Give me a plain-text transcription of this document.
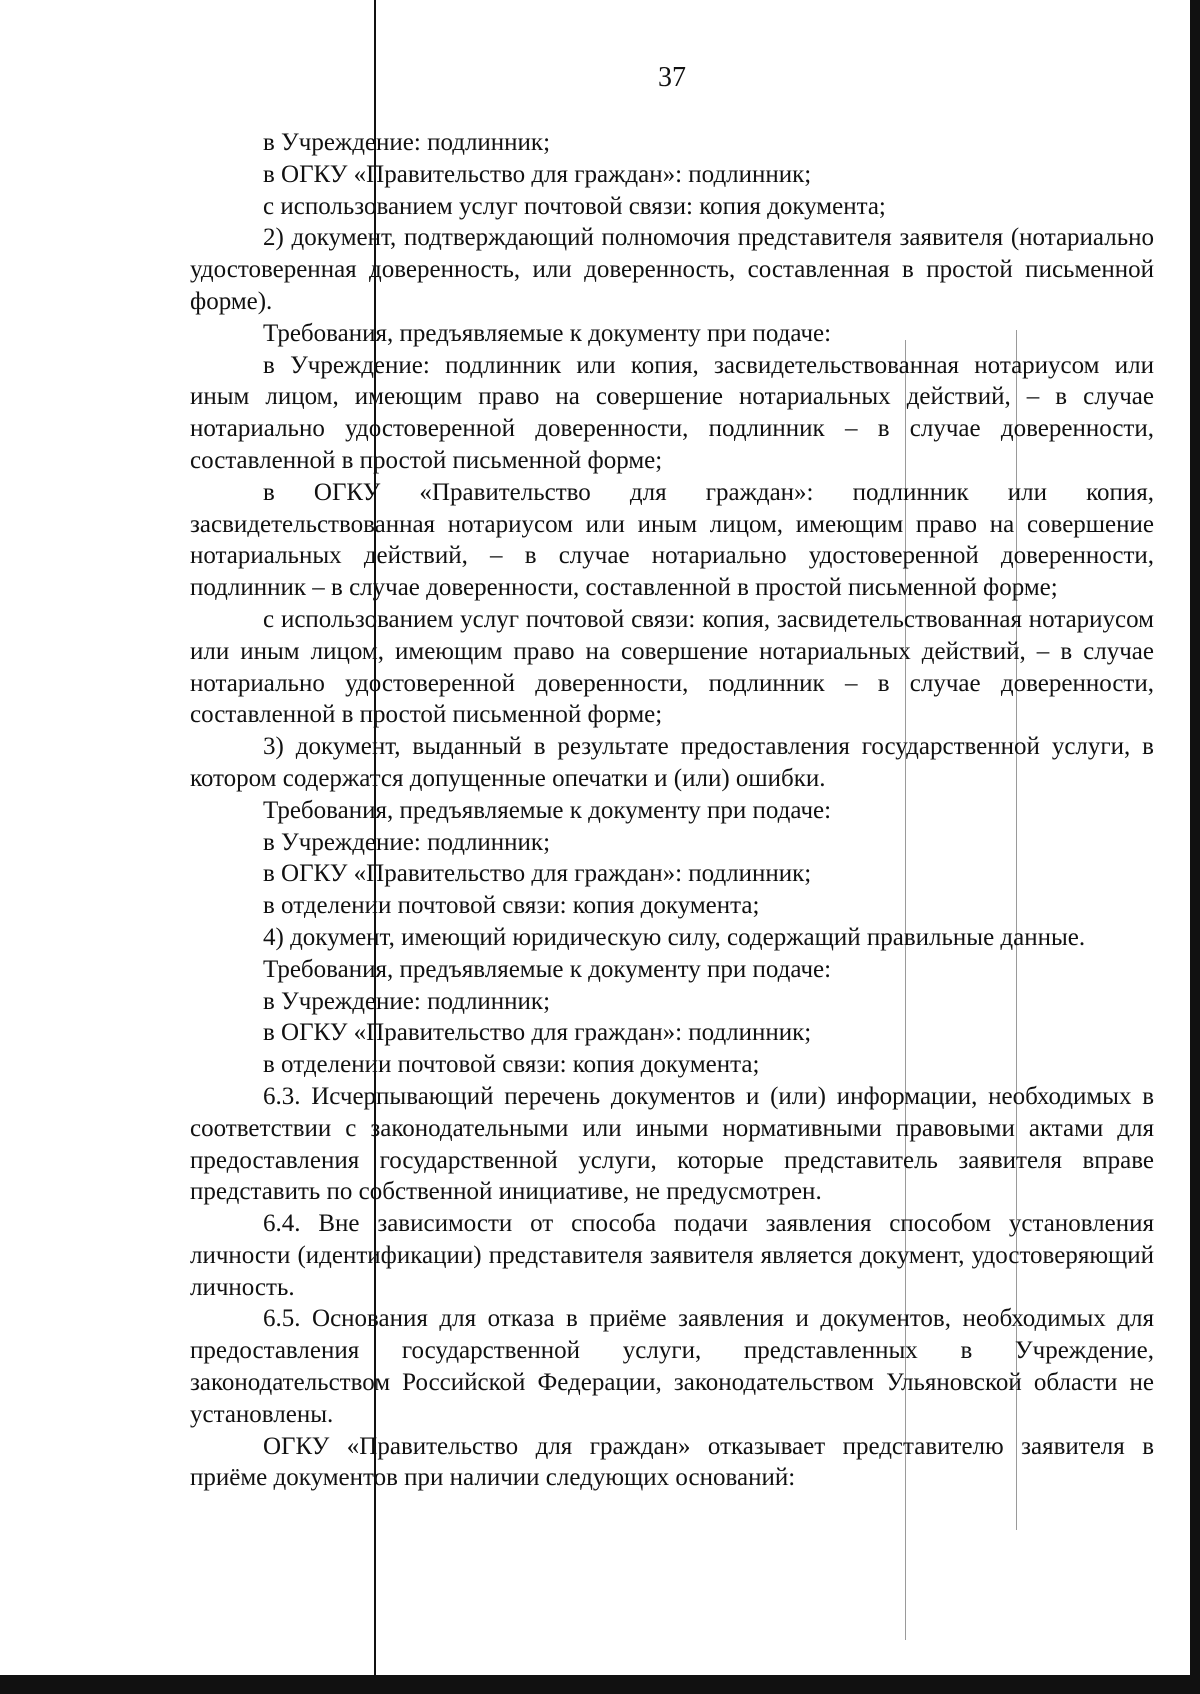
37

в Учреждение: подлинник;

в ОГКУ «Правительство для граждан»: подлинник;

с использованием услуг почтовой связи: копия документа;

2) документ, подтверждающий полномочия представителя заявителя (нотариально удостоверенная доверенность, или доверенность, составленная в простой письменной форме).

Требования, предъявляемые к документу при подаче:

в Учреждение: подлинник или копия, засвидетельствованная нотариусом или иным лицом, имеющим право на совершение нотариальных действий, – в случае нотариально удостоверенной доверенности, подлинник – в случае доверенности, составленной в простой письменной форме;

в ОГКУ «Правительство для граждан»: подлинник или копия, засвидетельствованная нотариусом или иным лицом, имеющим право на совершение нотариальных действий, – в случае нотариально удостоверенной доверенности, подлинник – в случае доверенности, составленной в простой письменной форме;

с использованием услуг почтовой связи: копия, засвидетельствованная нотариусом или иным лицом, имеющим право на совершение нотариальных действий, – в случае нотариально удостоверенной доверенности, подлинник – в случае доверенности, составленной в простой письменной форме;

3) документ, выданный в результате предоставления государственной услуги, в котором содержатся допущенные опечатки и (или) ошибки.

Требования, предъявляемые к документу при подаче:

в Учреждение: подлинник;

в ОГКУ «Правительство для граждан»: подлинник;

в отделении почтовой связи: копия документа;

4) документ, имеющий юридическую силу, содержащий правильные данные.

Требования, предъявляемые к документу при подаче:

в Учреждение: подлинник;

в ОГКУ «Правительство для граждан»: подлинник;

в отделении почтовой связи: копия документа;

6.3. Исчерпывающий перечень документов и (или) информации, необходимых в соответствии с законодательными или иными нормативными правовыми актами для предоставления государственной услуги, которые представитель заявителя вправе представить по собственной инициативе, не предусмотрен.

6.4. Вне зависимости от способа подачи заявления способом установления личности (идентификации) представителя заявителя является документ, удостоверяющий личность.

6.5. Основания для отказа в приёме заявления и документов, необходимых для предоставления государственной услуги, представленных в Учреждение, законодательством Российской Федерации, законодательством Ульяновской области не установлены.

ОГКУ «Правительство для граждан» отказывает представителю заявителя в приёме документов при наличии следующих оснований:
